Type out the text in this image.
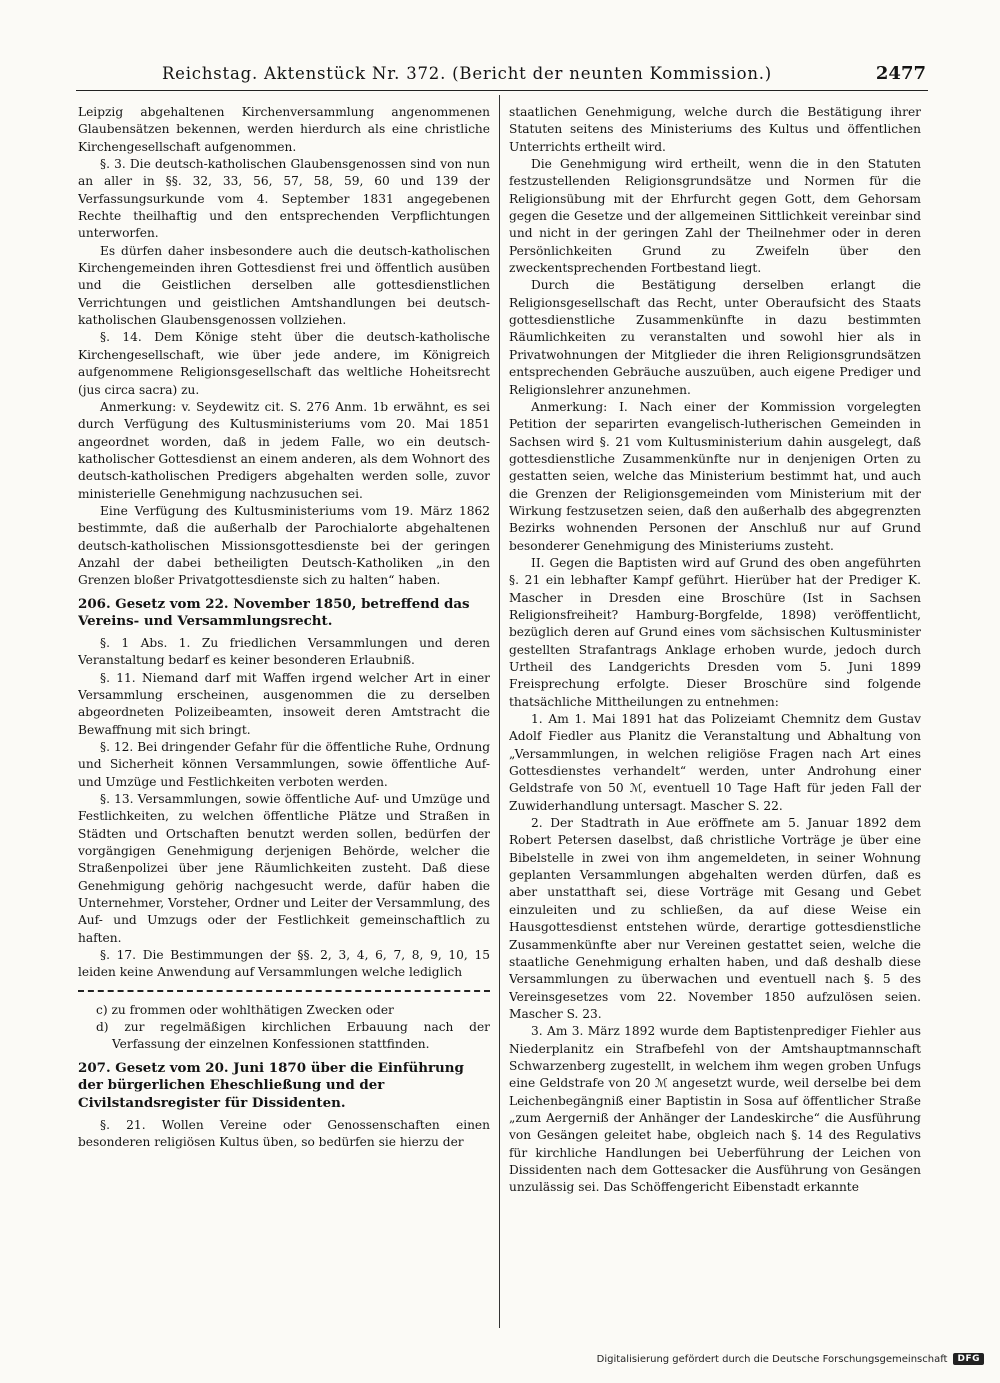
Reichstag. Aktenstück Nr. 372. (Bericht der neunten Kommission.)	2477

Leipzig abgehaltenen Kirchenversammlung angenommenen Glaubensätzen bekennen, werden hierdurch als eine christliche Kirchengesellschaft aufgenommen.

§. 3. Die deutsch-katholischen Glaubensgenossen sind von nun an aller in §§. 32, 33, 56, 57, 58, 59, 60 und 139 der Verfassungsurkunde vom 4. September 1831 angegebenen Rechte theilhaftig und den entsprechenden Verpflichtungen unterworfen.

Es dürfen daher insbesondere auch die deutsch-katholischen Kirchengemeinden ihren Gottesdienst frei und öffentlich ausüben und die Geistlichen derselben alle gottesdienstlichen Verrichtungen und geistlichen Amtshandlungen bei deutsch-katholischen Glaubensgenossen vollziehen.

§. 14. Dem Könige steht über die deutsch-katholische Kirchengesellschaft, wie über jede andere, im Königreich aufgenommene Religionsgesellschaft das weltliche Hoheitsrecht (jus circa sacra) zu.

Anmerkung: v. Seydewitz cit. S. 276 Anm. 1b erwähnt, es sei durch Verfügung des Kultusministeriums vom 20. Mai 1851 angeordnet worden, daß in jedem Falle, wo ein deutsch-katholischer Gottesdienst an einem anderen, als dem Wohnort des deutsch-katholischen Predigers abgehalten werden solle, zuvor ministerielle Genehmigung nachzusuchen sei.

Eine Verfügung des Kultusministeriums vom 19. März 1862 bestimmte, daß die außerhalb der Parochialorte abgehaltenen deutsch-katholischen Missionsgottesdienste bei der geringen Anzahl der dabei betheiligten Deutsch-Katholiken „in den Grenzen bloßer Privatgottesdienste sich zu halten“ haben.

206. Gesetz vom 22. November 1850, betreffend das Vereins- und Versammlungsrecht.

§. 1 Abs. 1. Zu friedlichen Versammlungen und deren Veranstaltung bedarf es keiner besonderen Erlaubniß.

§. 11. Niemand darf mit Waffen irgend welcher Art in einer Versammlung erscheinen, ausgenommen die zu derselben abgeordneten Polizeibeamten, insoweit deren Amtstracht die Bewaffnung mit sich bringt.

§. 12. Bei dringender Gefahr für die öffentliche Ruhe, Ordnung und Sicherheit können Versammlungen, sowie öffentliche Auf- und Umzüge und Festlichkeiten verboten werden.

§. 13. Versammlungen, sowie öffentliche Auf- und Umzüge und Festlichkeiten, zu welchen öffentliche Plätze und Straßen in Städten und Ortschaften benutzt werden sollen, bedürfen der vorgängigen Genehmigung derjenigen Behörde, welcher die Straßenpolizei über jene Räumlichkeiten zusteht. Daß diese Genehmigung gehörig nachgesucht werde, dafür haben die Unternehmer, Vorsteher, Ordner und Leiter der Versammlung, des Auf- und Umzugs oder der Festlichkeit gemeinschaftlich zu haften.

§. 17. Die Bestimmungen der §§. 2, 3, 4, 6, 7, 8, 9, 10, 15 leiden keine Anwendung auf Versammlungen welche lediglich

c) zu frommen oder wohlthätigen Zwecken oder

d) zur regelmäßigen kirchlichen Erbauung nach der Verfassung der einzelnen Konfessionen stattfinden.

207. Gesetz vom 20. Juni 1870 über die Einführung der bürgerlichen Eheschließung und der Civilstandsregister für Dissidenten.

§. 21. Wollen Vereine oder Genossenschaften einen besonderen religiösen Kultus üben, so bedürfen sie hierzu der

staatlichen Genehmigung, welche durch die Bestätigung ihrer Statuten seitens des Ministeriums des Kultus und öffentlichen Unterrichts ertheilt wird.

Die Genehmigung wird ertheilt, wenn die in den Statuten festzustellenden Religionsgrundsätze und Normen für die Religionsübung mit der Ehrfurcht gegen Gott, dem Gehorsam gegen die Gesetze und der allgemeinen Sittlichkeit vereinbar sind und nicht in der geringen Zahl der Theilnehmer oder in deren Persönlichkeiten Grund zu Zweifeln über den zweckentsprechenden Fortbestand liegt.

Durch die Bestätigung derselben erlangt die Religionsgesellschaft das Recht, unter Oberaufsicht des Staats gottesdienstliche Zusammenkünfte in dazu bestimmten Räumlichkeiten zu veranstalten und sowohl hier als in Privatwohnungen der Mitglieder die ihren Religionsgrundsätzen entsprechenden Gebräuche auszuüben, auch eigene Prediger und Religionslehrer anzunehmen.

Anmerkung: I. Nach einer der Kommission vorgelegten Petition der separirten evangelisch-lutherischen Gemeinden in Sachsen wird §. 21 vom Kultusministerium dahin ausgelegt, daß gottesdienstliche Zusammenkünfte nur in denjenigen Orten zu gestatten seien, welche das Ministerium bestimmt hat, und auch die Grenzen der Religionsgemeinden vom Ministerium mit der Wirkung festzusetzen seien, daß den außerhalb des abgegrenzten Bezirks wohnenden Personen der Anschluß nur auf Grund besonderer Genehmigung des Ministeriums zusteht.

II. Gegen die Baptisten wird auf Grund des oben angeführten §. 21 ein lebhafter Kampf geführt. Hierüber hat der Prediger K. Mascher in Dresden eine Broschüre (Ist in Sachsen Religionsfreiheit? Hamburg-Borgfelde, 1898) veröffentlicht, bezüglich deren auf Grund eines vom sächsischen Kultusminister gestellten Strafantrags Anklage erhoben wurde, jedoch durch Urtheil des Landgerichts Dresden vom 5. Juni 1899 Freisprechung erfolgte. Dieser Broschüre sind folgende thatsächliche Mittheilungen zu entnehmen:

1. Am 1. Mai 1891 hat das Polizeiamt Chemnitz dem Gustav Adolf Fiedler aus Planitz die Veranstaltung und Abhaltung von „Versammlungen, in welchen religiöse Fragen nach Art eines Gottesdienstes verhandelt“ werden, unter Androhung einer Geldstrafe von 50 ℳ, eventuell 10 Tage Haft für jeden Fall der Zuwiderhandlung untersagt. Mascher S. 22.

2. Der Stadtrath in Aue eröffnete am 5. Januar 1892 dem Robert Petersen daselbst, daß christliche Vorträge je über eine Bibelstelle in zwei von ihm angemeldeten, in seiner Wohnung geplanten Versammlungen abgehalten werden dürfen, daß es aber unstatthaft sei, diese Vorträge mit Gesang und Gebet einzuleiten und zu schließen, da auf diese Weise ein Hausgottesdienst entstehen würde, derartige gottesdienstliche Zusammenkünfte aber nur Vereinen gestattet seien, welche die staatliche Genehmigung erhalten haben, und daß deshalb diese Versammlungen zu überwachen und eventuell nach §. 5 des Vereinsgesetzes vom 22. November 1850 aufzulösen seien. Mascher S. 23.

3. Am 3. März 1892 wurde dem Baptistenprediger Fiehler aus Niederplanitz ein Strafbefehl von der Amtshauptmannschaft Schwarzenberg zugestellt, in welchem ihm wegen groben Unfugs eine Geldstrafe von 20 ℳ angesetzt wurde, weil derselbe bei dem Leichenbegängniß einer Baptistin in Sosa auf öffentlicher Straße „zum Aergerniß der Anhänger der Landeskirche“ die Ausführung von Gesängen geleitet habe, obgleich nach §. 14 des Regulativs für kirchliche Handlungen bei Ueberführung der Leichen von Dissidenten nach dem Gottesacker die Ausführung von Gesängen unzulässig sei. Das Schöffengericht Eibenstadt erkannte

Digitalisierung gefördert durch die Deutsche Forschungsgemeinschaft	DFG
